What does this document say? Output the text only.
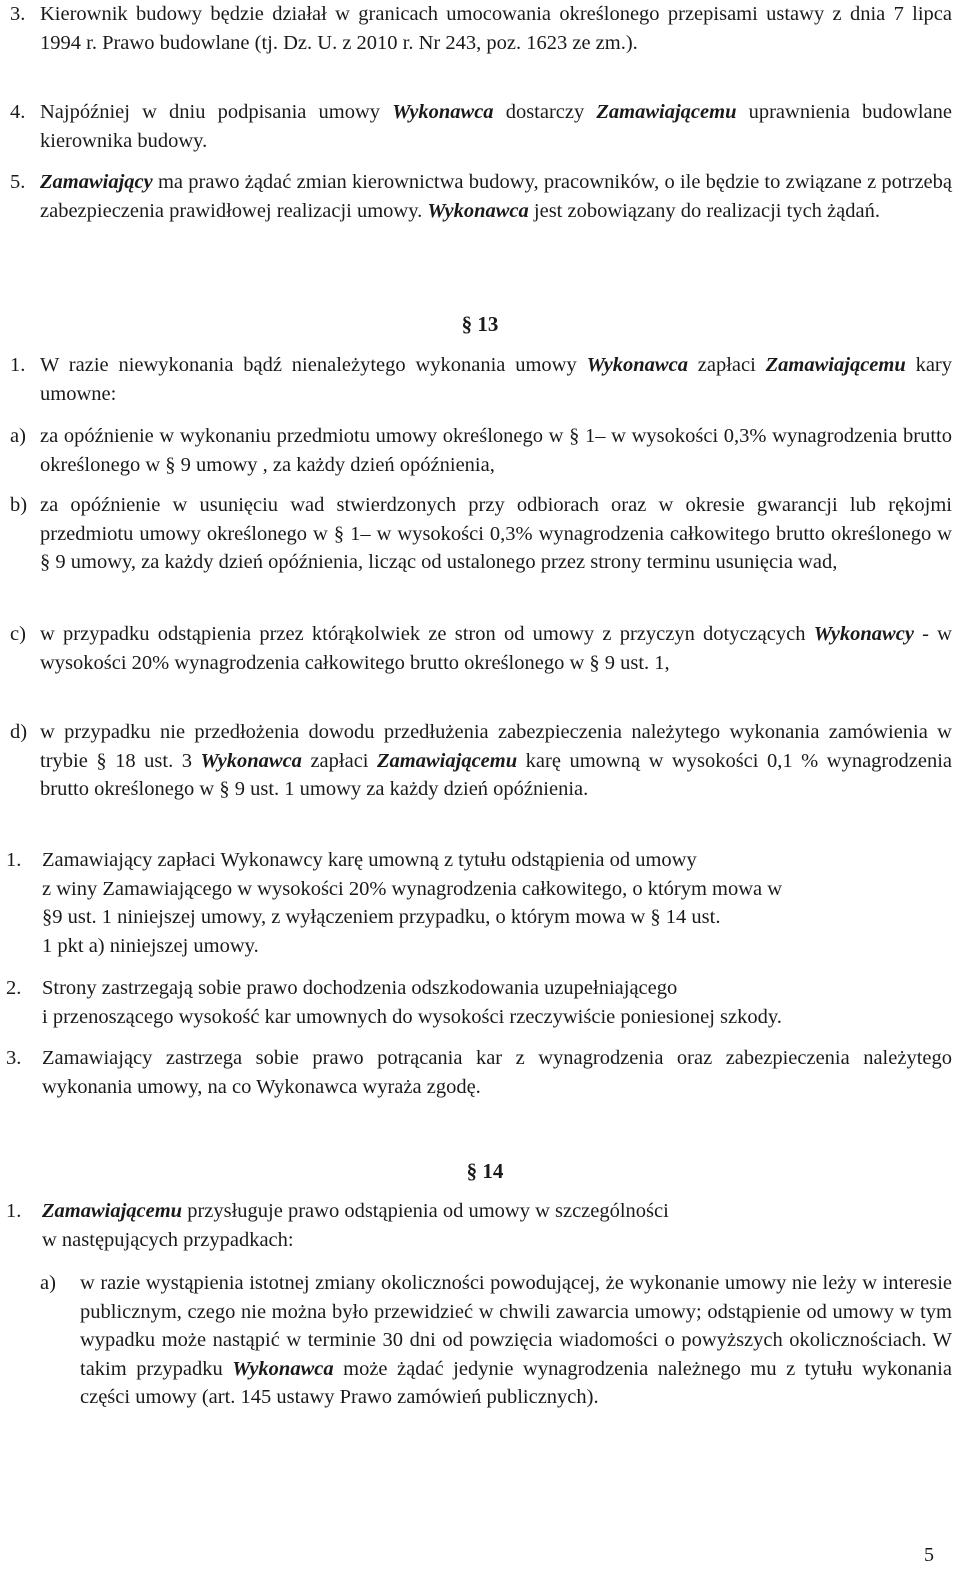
3. Kierownik budowy będzie działał w granicach umocowania określonego przepisami ustawy z dnia 7 lipca 1994 r. Prawo budowlane (tj. Dz. U. z 2010 r. Nr 243, poz. 1623 ze zm.).
4. Najpóźniej w dniu podpisania umowy Wykonawca dostarczy Zamawiającemu uprawnienia budowlane kierownika budowy.
5. Zamawiający ma prawo żądać zmian kierownictwa budowy, pracowników, o ile będzie to związane z potrzebą zabezpieczenia prawidłowej realizacji umowy. Wykonawca jest zobowiązany do realizacji tych żądań.
§ 13
1. W razie niewykonania bądź nienależytego wykonania umowy Wykonawca zapłaci Zamawiającemu kary umowne:
a) za opóźnienie w wykonaniu przedmiotu umowy określonego w § 1– w wysokości 0,3% wynagrodzenia brutto określonego w § 9 umowy , za każdy dzień opóźnienia,
b) za opóźnienie w usunięciu wad stwierdzonych przy odbiorach oraz w okresie gwarancji lub rękojmi przedmiotu umowy określonego w § 1– w wysokości 0,3% wynagrodzenia całkowitego brutto określonego w § 9 umowy, za każdy dzień opóźnienia, licząc od ustalonego przez strony terminu usunięcia wad,
c) w przypadku odstąpienia przez którąkolwiek ze stron od umowy z przyczyn dotyczących Wykonawcy - w wysokości 20% wynagrodzenia całkowitego brutto określonego w § 9 ust. 1,
d) w przypadku nie przedłożenia dowodu przedłużenia zabezpieczenia należytego wykonania zamówienia w trybie § 18 ust. 3 Wykonawca zapłaci Zamawiającemu karę umowną w wysokości 0,1 % wynagrodzenia brutto określonego w § 9 ust. 1 umowy za każdy dzień opóźnienia.
1. Zamawiający zapłaci Wykonawcy karę umowną z tytułu odstąpienia od umowy
z winy Zamawiającego w wysokości 20% wynagrodzenia całkowitego, o którym mowa w
§9 ust. 1 niniejszej umowy, z wyłączeniem przypadku, o którym mowa w § 14 ust.
1 pkt a) niniejszej umowy.
2. Strony zastrzegają sobie prawo dochodzenia odszkodowania uzupełniającego
i przenoszącego wysokość kar umownych do wysokości rzeczywiście poniesionej szkody.
3. Zamawiający zastrzega sobie prawo potrącania kar z wynagrodzenia oraz zabezpieczenia należytego wykonania umowy, na co Wykonawca wyraża zgodę.
§ 14
1. Zamawiającemu przysługuje prawo odstąpienia od umowy w szczególności
w następujących przypadkach:
a) w razie wystąpienia istotnej zmiany okoliczności powodującej, że wykonanie umowy nie leży w interesie publicznym, czego nie można było przewidzieć w chwili zawarcia umowy; odstąpienie od umowy w tym wypadku może nastąpić w terminie 30 dni od powzięcia wiadomości o powyższych okolicznościach. W takim przypadku Wykonawca może żądać jedynie wynagrodzenia należnego mu z tytułu wykonania części umowy (art. 145 ustawy Prawo zamówień publicznych).
5
